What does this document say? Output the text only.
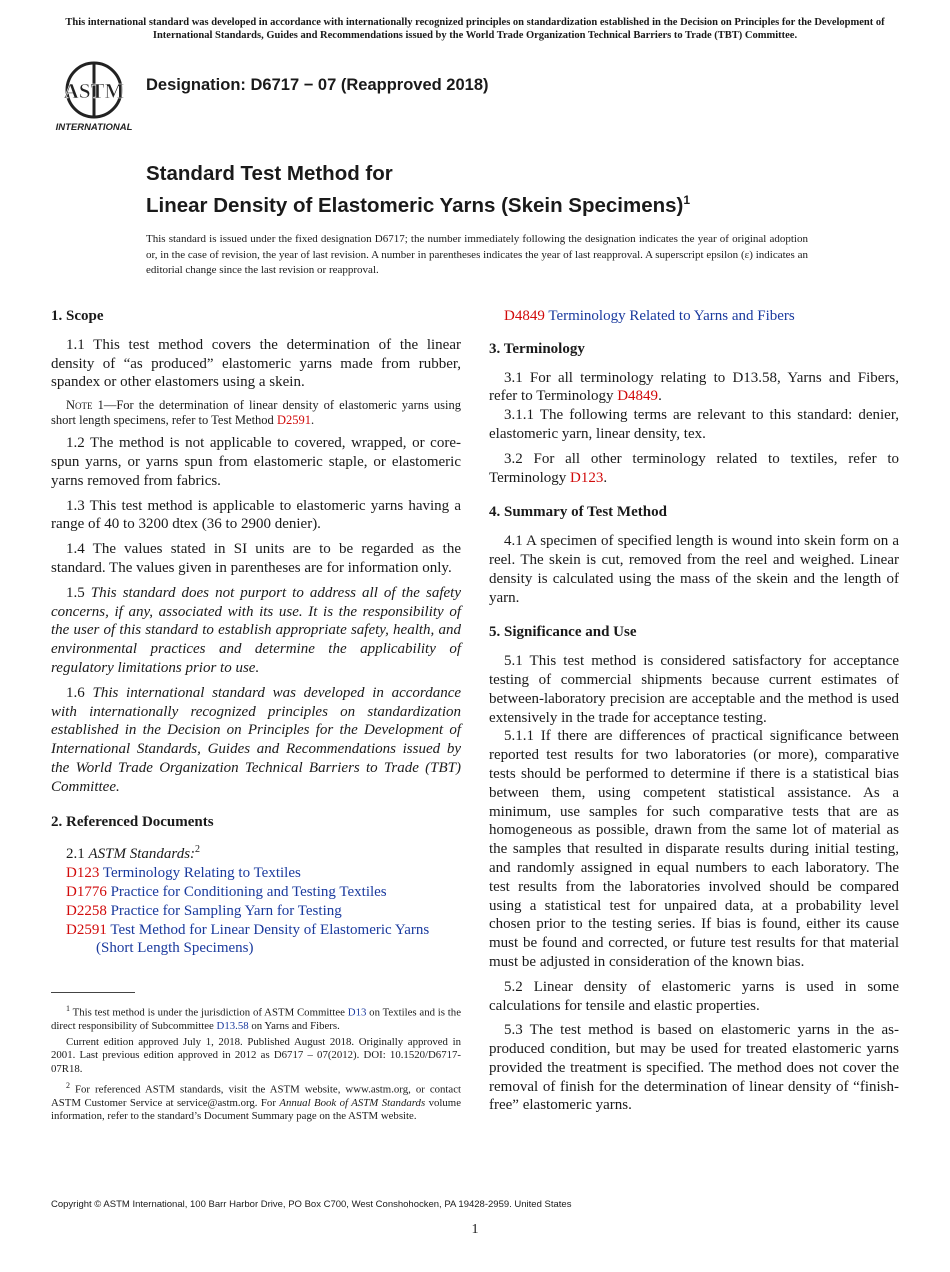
This international standard was developed in accordance with internationally recognized principles on standardization established in the Decision on Principles for the Development of International Standards, Guides and Recommendations issued by the World Trade Organization Technical Barriers to Trade (TBT) Committee.
ASTM
INTERNATIONAL
Designation: D6717 − 07 (Reapproved 2018)
Standard Test Method for
Linear Density of Elastomeric Yarns (Skein Specimens)$^1$
This standard is issued under the fixed designation D6717; the number immediately following the designation indicates the year of original adoption or, in the case of revision, the year of last revision. A number in parentheses indicates the year of last reapproval. A superscript epsilon (ε) indicates an editorial change since the last revision or reapproval.

1. Scope

1.1 This test method covers the determination of the linear density of “as produced” elastomeric yarns made from rubber, spandex or other elastomers using a skein.

Note 1—For the determination of linear density of elastomeric yarns using short length specimens, refer to Test Method D2591.

1.2 The method is not applicable to covered, wrapped, or core-spun yarns, or yarns spun from elastomeric staple, or elastomeric yarns removed from fabrics.

1.3 This test method is applicable to elastomeric yarns having a range of 40 to 3200 dtex (36 to 2900 denier).

1.4 The values stated in SI units are to be regarded as the standard. The values given in parentheses are for information only.

1.5 This standard does not purport to address all of the safety concerns, if any, associated with its use. It is the responsibility of the user of this standard to establish appropriate safety, health, and environmental practices and determine the applicability of regulatory limitations prior to use.

1.6 This international standard was developed in accordance with internationally recognized principles on standardization established in the Decision on Principles for the Development of International Standards, Guides and Recommendations issued by the World Trade Organization Technical Barriers to Trade (TBT) Committee.

2. Referenced Documents

2.1 ASTM Standards:$^2$

D123 Terminology Relating to Textiles
D1776 Practice for Conditioning and Testing Textiles
D2258 Practice for Sampling Yarn for Testing
D2591 Test Method for Linear Density of Elastomeric Yarns (Short Length Specimens)
D4849 Terminology Related to Yarns and Fibers

3. Terminology

3.1 For all terminology relating to D13.58, Yarns and Fibers, refer to Terminology D4849.

3.1.1 The following terms are relevant to this standard: denier, elastomeric yarn, linear density, tex.

3.2 For all other terminology related to textiles, refer to Terminology D123.

4. Summary of Test Method

4.1 A specimen of specified length is wound into skein form on a reel. The skein is cut, removed from the reel and weighed. Linear density is calculated using the mass of the skein and the length of yarn.

5. Significance and Use

5.1 This test method is considered satisfactory for acceptance testing of commercial shipments because current estimates of between-laboratory precision are acceptable and the method is used extensively in the trade for acceptance testing.

5.1.1 If there are differences of practical significance between reported test results for two laboratories (or more), comparative tests should be performed to determine if there is a statistical bias between them, using competent statistical assistance. As a minimum, use samples for such comparative tests that are as homogeneous as possible, drawn from the same lot of material as the samples that resulted in disparate results during initial testing, and randomly assigned in equal numbers to each laboratory. The test results from the laboratories involved should be compared using a statistical test for unpaired data, at a probability level chosen prior to the testing series. If bias is found, either its cause must be found and corrected, or future test results for that material must be adjusted in consideration of the known bias.

5.2 Linear density of elastomeric yarns is used in some calculations for tensile and elastic properties.

5.3 The test method is based on elastomeric yarns in the as-produced condition, but may be used for treated elastomeric yarns provided the treatment is specified. The method does not cover the removal of finish for the determination of linear density of “finish-free” elastomeric yarns.

$^1$ This test method is under the jurisdiction of ASTM Committee D13 on Textiles and is the direct responsibility of Subcommittee D13.58 on Yarns and Fibers.

Current edition approved July 1, 2018. Published August 2018. Originally approved in 2001. Last previous edition approved in 2012 as D6717 – 07(2012). DOI: 10.1520/D6717-07R18.

$^2$ For referenced ASTM standards, visit the ASTM website, www.astm.org, or contact ASTM Customer Service at service@astm.org. For Annual Book of ASTM Standards volume information, refer to the standard’s Document Summary page on the ASTM website.

Copyright © ASTM International, 100 Barr Harbor Drive, PO Box C700, West Conshohocken, PA 19428-2959. United States
1
